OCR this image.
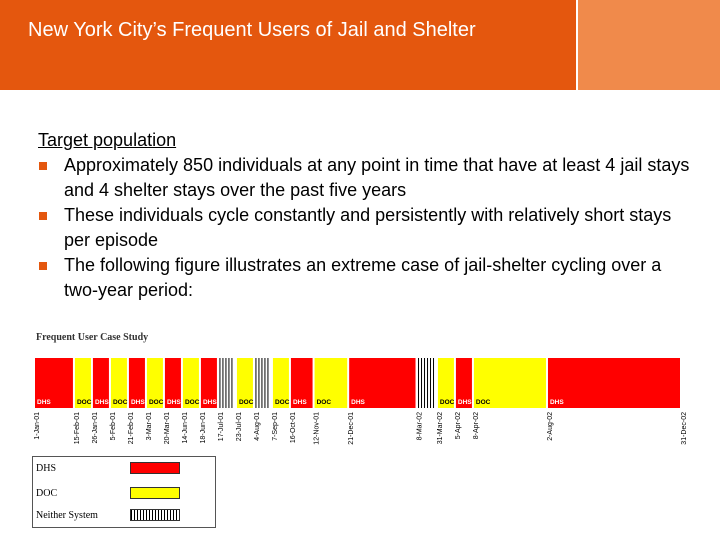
New York City’s Frequent Users of Jail and Shelter

Target population

Approximately 850 individuals at any point in time that have at least 4 jail stays and 4 shelter stays over the past five years
These individuals cycle constantly and persistently with relatively short stays per episode
The following figure illustrates an extreme case of jail-shelter cycling over a two-year period:
Frequent User Case Study
DHS	DOC DHS DOC DHS DOC DHS DOC DHS	DOC	DOC DHS DOC	DHS	DOC DHS DOC	DHS
1-Jan-01	15-Feb-01 26-Jan-01 5-Feb-01 21-Feb-01 3-Mar-01 20-Mar-01 14-Jun-01 18-Jun-01 17-Jul-01 23-Jul-01 4-Aug-01 7-Sep-01 16-Oct-01 12-Nov-01	21-Dec-01	8-Mar-02 31-Mar-02 5-Apr-02 8-Apr-02	2-Aug-02	31-Dec-02
DHS
DOC
Neither System
